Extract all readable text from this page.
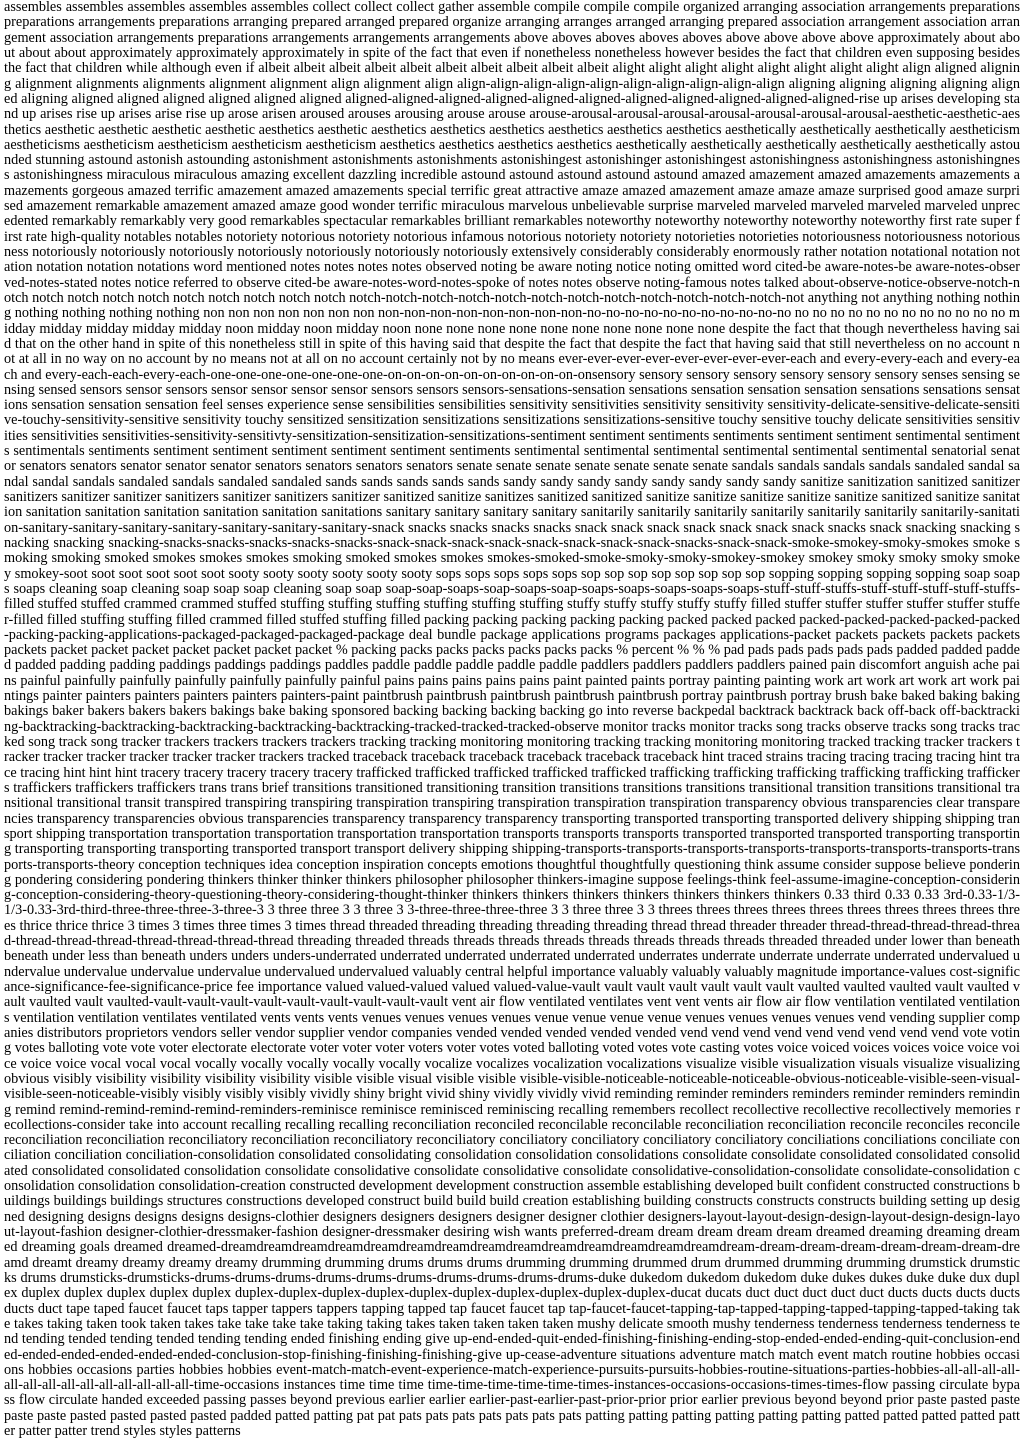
assembles assembles assembles assembles assembles collect collect collect gather assemble compile compile compile organized arranging association arrangements preparations preparations arrangements preparations arranging prepared arranged prepared organize arranging arranges arranged arranging prepared association arrangement association arrangement association arrangements preparations arrangements arrangements arrangements above aboves aboves aboves aboves above above above above approximately about about about about approximately approximately approximately in spite of the fact that even if nonetheless nonetheless however besides the fact that children even supposing besides the fact that children while although even if albeit albeit albeit albeit albeit albeit albeit albeit albeit albeit alight alight alight alight alight alight alight alight align aligned aligning alignment alignments alignments alignment alignment align alignment align align-align-align-align-align-align-align-align-align-align aligning aligning aligning aligning aligned aligning aligned aligned aligned aligned aligned aligned aligned-aligned-aligned-aligned-aligned-aligned-aligned-aligned-aligned-aligned-aligned-rise up arises developing stand up arises rise up arises arise rise up arose arisen aroused arouses arousing arouse arouse arouse-arousal-arousal-arousal-arousal-arousal-arousal-arousal-aesthetic-aesthetic-aesthetics aesthetic aesthetic aesthetic aesthetic aesthetics aesthetic aesthetics aesthetics aesthetics aesthetics aesthetics aesthetics aesthetically aesthetically aesthetically aestheticism aestheticisms aestheticism aestheticism aestheticism aestheticism aesthetics aesthetics aesthetics aesthetics aesthetically aesthetically aesthetically aesthetically aesthetically astounded stunning astound astonish astounding astonishment astonishments astonishments astonishingest astonishinger astonishingest astonishingness astonishingness astonishingness astonishingness miraculous miraculous amazing excellent dazzling incredible astound astound astound astound astound amazed amazement amazed amazements amazements amazements gorgeous amazed terrific amazement amazed amazements special terrific great attractive amaze amazed amazement amaze amaze amaze surprised good amaze surprised amazement remarkable amazement amazed amaze good wonder terrific miraculous marvelous unbelievable surprise marveled marveled marveled marveled marveled unprecedented remarkably remarkably very good remarkables spectacular remarkables brilliant remarkables noteworthy noteworthy noteworthy noteworthy noteworthy first rate super first rate high-quality notables notables notoriety notorious notoriety notorious infamous notorious notoriety notoriety notorieties notorieties notoriousness notoriousness notoriousness notoriously notoriously notoriously notoriously notoriously notoriously notoriously extensively considerably considerably enormously rather notation notational notation notation notation notation notations word mentioned notes notes notes notes observed noting be aware noting notice noting omitted word cited-be aware-notes-be aware-notes-observed-notes-stated notes notice referred to observe cited-be aware-notes-word-notes-spoke of notes notes observe noting-famous notes talked about-observe-notice-observe-notch-notch notch notch notch notch notch notch notch notch notch notch-notch-notch-notch-notch-notch-notch-notch-notch-notch-notch-notch-not anything not anything nothing nothing nothing nothing nothing nothing non non non non non non non non-non-non-non-non-non-non-non-no-no-no-no-no-no-no-no-no-no-no no no no no no no no no no no no no midday midday midday midday midday noon midday noon midday noon none none none none none none none none none none despite the fact that though nevertheless having said that on the other hand in spite of this nonetheless still in spite of this having said that despite the fact that despite the fact that having said that still nevertheless on no account not at all in no way on no account by no means not at all on no account certainly not by no means ever-ever-ever-ever-ever-ever-ever-ever-each and every-every-each and every-each and every-each-each-every-each-one-one-one-one-one-one-one-on-on-on-on-on-on-on-on-on-on-onsensory sensory sensory sensory sensory sensory sensory senses sensing sensing sensed sensors sensor sensors sensor sensor sensor sensor sensors sensors sensors-sensations-sensation sensations sensation sensation sensation sensations sensations sensations sensation sensation sensation feel senses experience sense sensibilities sensibilities sensitivity sensitivities sensitivity sensitivity sensitivity-delicate-sensitive-delicate-sensitive-touchy-sensitivity-sensitive sensitivity touchy sensitized sensitization sensitizations sensitizations sensitizations-sensitive touchy sensitive touchy delicate sensitivities sensitivities sensitivities sensitivities-sensitivity-sensitivty-sensitization-sensitization-sensitizations-sentiment sentiment sentiments sentiments sentiment sentiment sentimental sentiments sentimentals sentiments sentiment sentiment sentiment sentiment sentiment sentiments sentimental sentimental sentimental sentimental sentimental sentimental senatorial senator senators senators senator senator senator senators senators senators senators senate senate senate senate senate senate senate sandals sandals sandals sandals sandaled sandal sandal sandal sandals sandaled sandals sandaled sandaled sands sands sands sands sands sandy sandy sandy sandy sandy sandy sandy sandy sanitize sanitization sanitized sanitizer sanitizers sanitizer sanitizer sanitizers sanitizer sanitizers sanitizer sanitized sanitize sanitizes sanitized sanitized sanitize sanitize sanitize sanitize sanitize sanitized sanitize sanitation sanitation sanitation sanitation sanitation sanitation sanitations sanitary sanitary sanitary sanitary sanitarily sanitarily sanitarily sanitarily sanitarily sanitarily sanitarily-sanitation-sanitary-sanitary-sanitary-sanitary-sanitary-sanitary-sanitary-snack snacks snacks snacks snacks snack snack snack snack snack snack snack snacks snack snacking snacking snacking snacking snacking-snacks-snacks-snacks-snacks-snacks-snack-snack-snack-snack-snack-snack-snack-snack-snacks-snack-snack-smoke-smokey-smoky-smokes smoke smoking smoking smoked smokes smokes smokes smoking smoked smokes smokes smokes-smoked-smoke-smoky-smoky-smokey-smokey smokey smoky smoky smoky smokey smokey-soot soot soot soot soot soot sooty sooty sooty sooty sooty sooty sops sops sops sops sops sop sop sop sop sop sop sop sop sopping sopping sopping sopping soap soaps soaps cleaning soap cleaning soap soap soap cleaning soap soap soap-soap-soaps-soap-soaps-soap-soaps-soaps-soaps-soaps-soaps-stuff-stuff-stuffs-stuff-stuff-stuff-stuff-stuffs-filled stuffed stuffed crammed crammed stuffed stuffing stuffing stuffing stuffing stuffing stuffing stuffy stuffy stuffy stuffy stuffy filled stuffer stuffer stuffer stuffer stuffer stuffer-filled filled stuffing stuffing filled crammed filled stuffed stuffing filled packing packing packing packing packing packed packed packed packed-packed-packed-packed-packed-packing-packing-applications-packaged-packaged-packaged-package deal bundle package applications programs packages applications-packet packets packets packets packets packets packet packet packet packet packet packet packet % packing packs packs packs packs packs packs % percent % % % pad pads pads pads pads pads padded padded padded padded padding padding paddings paddings paddings paddles paddle paddle paddle paddle paddle paddlers paddlers paddlers paddlers pained pain discomfort anguish ache pains painful painfully painfully painfully painfully painfully painful pains pains pains pains pains paint painted paints portray painting painting work art work art work art work paintings painter painters painters painters painters painters-paint paintbrush paintbrush paintbrush paintbrush paintbrush portray paintbrush portray brush bake baked baking baking bakings baker bakers bakers bakers bakings bake baking sponsored backing backing backing backing go into reverse backpedal backtrack backtrack back off-back off-backtracking-backtracking-backtracking-backtracking-backtracking-backtracking-tracked-tracked-tracked-observe monitor tracks monitor tracks song tracks observe tracks song tracks tracked song track song tracker trackers trackers trackers trackers tracking tracking monitoring monitoring tracking tracking monitoring monitoring tracked tracking tracker trackers tracker tracker tracker tracker tracker tracker trackers tracked traceback traceback traceback traceback traceback traceback hint traced strains tracing tracing tracing tracing hint trace tracing hint hint hint tracery tracery tracery tracery tracery trafficked trafficked trafficked trafficked trafficked trafficking trafficking trafficking trafficking trafficking traffickers traffickers traffickers traffickers trans trans brief transitions transitioned transitioning transition transitions transitions transitions transitional transition transitions transitional transitional transitional transit transpired transpiring transpiring transpiration transpiring transpiration transpiration transpiration transparency obvious transparencies clear transparencies transparency transparencies obvious transparencies transparency transparency transparency transporting transported transporting transported delivery shipping shipping transport shipping transportation transportation transportation transportation transportation transports transports transports transported transported transported transporting transporting transporting transporting transporting transported transport transport delivery shipping shipping-transports-transports-transports-transports-transports-transports-transports-transports-transports-theory conception techniques idea conception inspiration concepts emotions thoughtful thoughtfully questioning think assume consider suppose believe pondering pondering considering pondering thinkers thinker thinker thinkers philosopher philosopher thinkers-imagine suppose feelings-think feel-assume-imagine-conception-considering-conception-considering-theory-questioning-theory-considering-thought-thinker thinkers thinkers thinkers thinkers thinkers thinkers thinkers 0.33 third 0.33 0.33 3rd-0.33-1/3-1/3-0.33-3rd-third-three-three-three-3-three-3 3 three three 3 3 three 3 3-three-three-three-three 3 3 three three 3 3 threes threes threes threes threes threes threes threes threes threes thrice thrice thrice 3 times 3 times three times 3 times thread threaded threading threading threading threading thread thread threader threader thread-thread-thread-thread-thread-thread-thread-thread-thread-thread-thread-thread threading threaded threads threads threads threads threads threads threads threads threaded threaded under lower than beneath beneath under less than beneath unders unders unders-underrated underrated underrated underrated underrated underrates underrate underrate underrate underrated undervalued undervalue undervalue undervalue undervalue undervalued undervalued valuably central helpful importance valuably valuably valuably magnitude importance-values cost-significance-significance-fee-significance-price fee importance valued valued-valued valued valued-value-vault vault vault vault vault vault vault vaulted vaulted vaulted vault vaulted vault vaulted vault vaulted-vault-vault-vault-vault-vault-vault-vault-vault-vault vent air flow ventilated ventilates vent vent vents air flow air flow ventilation ventilated ventilations ventilation ventilation ventilates ventilated vents vents vents venues venues venues venues venue venue venue venue venues venues venues venues vend vending supplier companies distributors proprietors vendors seller vendor supplier vendor companies vended vended vended vended vended vend vend vend vend vend vend vend vend vend vote voting votes balloting vote vote voter electorate electorate voter voter voter voters voter votes voted balloting voted votes vote casting votes voice voiced voices voices voice voice voice voice voice vocal vocal vocal vocally vocally vocally vocally vocally vocalize vocalizes vocalization vocalizations visualize visible visualization visuals visualize visualizing obvious visibly visibility visibility visibility visibility visible visible visual visible visible visible-visible-noticeable-noticeable-noticeable-obvious-noticeable-visible-seen-visual-visible-seen-noticeable-visibly visibly visibly visibly vividly shiny bright vivid shiny vividly vividly vivid reminding reminder reminders reminders reminder reminders reminding remind remind-remind-remind-remind-reminders-reminisce reminisce reminisced reminiscing recalling remembers recollect recollective recollective recollectively memories recollections-consider take into account recalling recalling recalling reconciliation reconciled reconcilable reconcilable reconciliation reconciliation reconcile reconciles reconcile reconciliation reconciliation reconciliatory reconciliation reconciliatory reconciliatory conciliatory conciliatory conciliatory conciliatory conciliations conciliations conciliate conciliation conciliation conciliation-consolidation consolidated consolidating consolidation consolidation consolidations consolidate consolidate consolidated consolidated consolidated consolidated consolidated consolidation consolidate consolidative consolidate consolidative consolidate consolidative-consolidation-consolidate consolidate-consolidation consolidation consolidation consolidation-creation constructed development development construction assemble establishing developed built confident constructed constructions buildings buildings buildings structures constructions developed construct build build build creation establishing building constructs constructs constructs building setting up designed designing designs designs designs designs-clothier designers designers designers designer designer clothier designers-layout-layout-design-design-layout-design-design-layout-layout-fashion designer-clothier-dressmaker-fashion designer-dressmaker desiring wish wants preferred-dream dream dream dream dream dreamed dreaming dreaming dreamed dreaming goals dreamed dreamed-dreamdreamdreamdreamdreamdreamdreamdreamdreamdreamdreamdreamdreamdreamdream-dream-dream-dream-dream-dream-dream-dreamd dreamt dreamy dreamy dreamy dreamy drumming drumming drums drums drums drumming drumming drummed drum drummed drumming drumming drumstick drumsticks drums drumsticks-drumsticks-drums-drums-drums-drums-drums-drums-drums-drums-drums-drums-duke dukedom dukedom dukedom duke dukes dukes duke duke dux duplex duplex duplex duplex duplex duplex duplex-duplex-duplex-duplex-duplex-duplex-duplex-duplex-duplex-duplex-ducat ducats duct duct duct duct duct ducts ducts ducts ducts ducts duct tape taped faucet faucet taps tapper tappers tappers tapping tapped tap faucet faucet tap tap-faucet-faucet-tapping-tap-tapped-tapping-tapped-tapping-tapped-taking take takes taking taken took taken takes take take take take taking taking takes taken taken taken taken mushy delicate smooth mushy tenderness tenderness tenderness tenderness tend tending tended tending tended tending tending ended finishing ending give up-end-ended-quit-ended-finishing-finishing-ending-stop-ended-ended-ending-quit-conclusion-ended-ended-ended-ended-ended-ended-conclusion-stop-finishing-finishing-finishing-give up-cease-adventure situations adventure match match event match routine hobbies occasions hobbies occasions parties hobbies hobbies event-match-match-event-experience-match-experience-pursuits-pursuits-hobbies-routine-situations-parties-hobbies-all-all-all-all-all-all-all-all-all-all-all-all-all-all-time-occasions instances time time time time-time-time-time-time-times-instances-occasions-occasions-times-times-flow passing circulate bypass flow circulate handed exceeded passing passes beyond previous earlier earlier earlier-past-earlier-past-prior-prior prior earlier previous beyond beyond prior paste pasted paste paste paste pasted pasted pasted pasted padded patted patting pat pat pats pats pats pats pats pats pats patting patting patting patting patting patting patted patted patted patted patter patter patter trend styles styles patterns
